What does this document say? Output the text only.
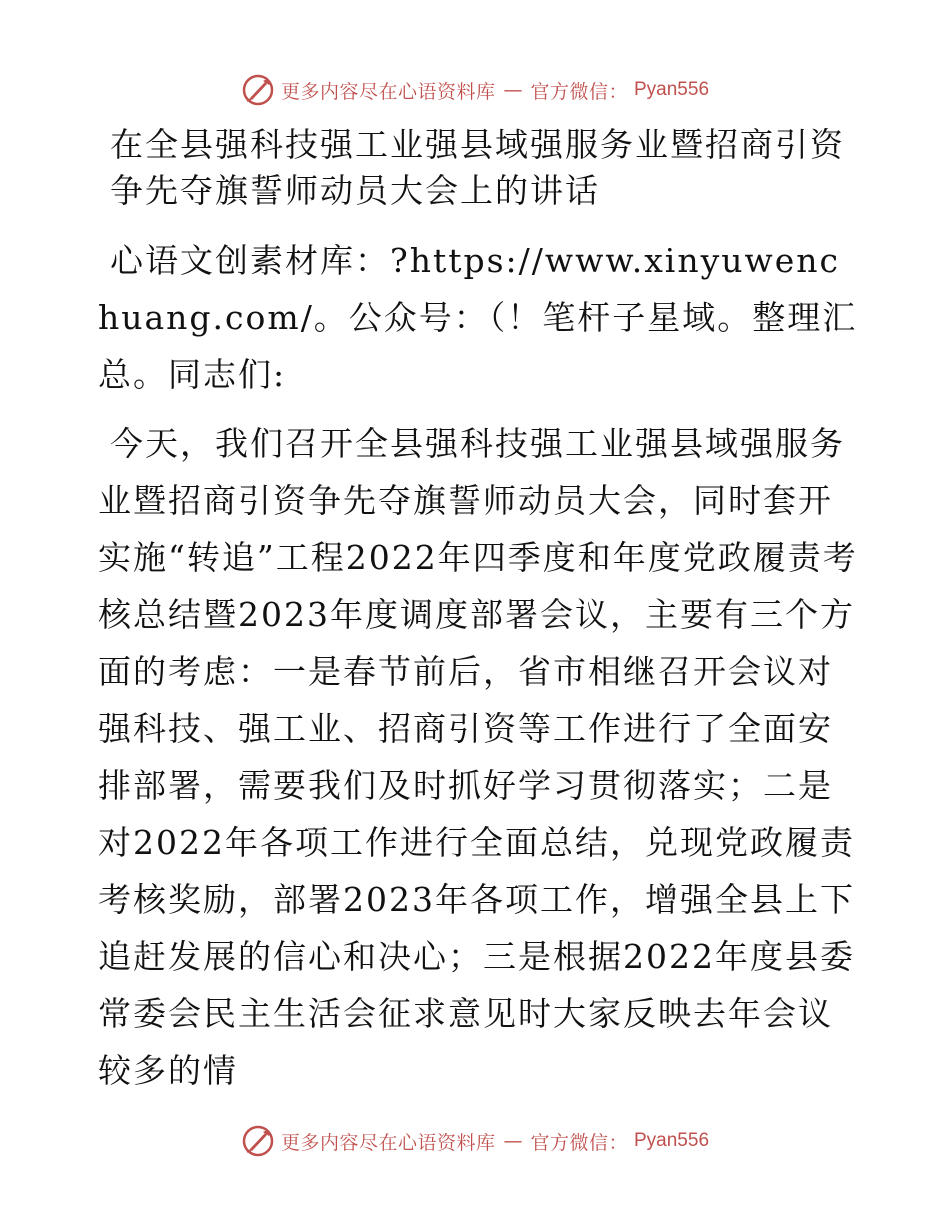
更多内容尽在心语资料库 — 官方微信： Pyan556
在全县强科技强工业强县域强服务业暨招商引资争先夺旗誓师动员大会上的讲话

心语文创素材库：?https://www.xinyuwenchuang.com/。公众号：（！笔杆子星域。整理汇总。同志们:

今天，我们召开全县强科技强工业强县域强服务业暨招商引资争先夺旗誓师动员大会，同时套开实施“转追”工程2022年四季度和年度党政履责考核总结暨2023年度调度部署会议，主要有三个方面的考虑：一是春节前后，省市相继召开会议对强科技、强工业、招商引资等工作进行了全面安排部署，需要我们及时抓好学习贯彻落实；二是对2022年各项工作进行全面总结，兑现党政履责考核奖励，部署2023年各项工作，增强全县上下追赶发展的信心和决心；三是根据2022年度县委常委会民主生活会征求意见时大家反映去年会议较多的情

更多内容尽在心语资料库 — 官方微信： Pyan556
